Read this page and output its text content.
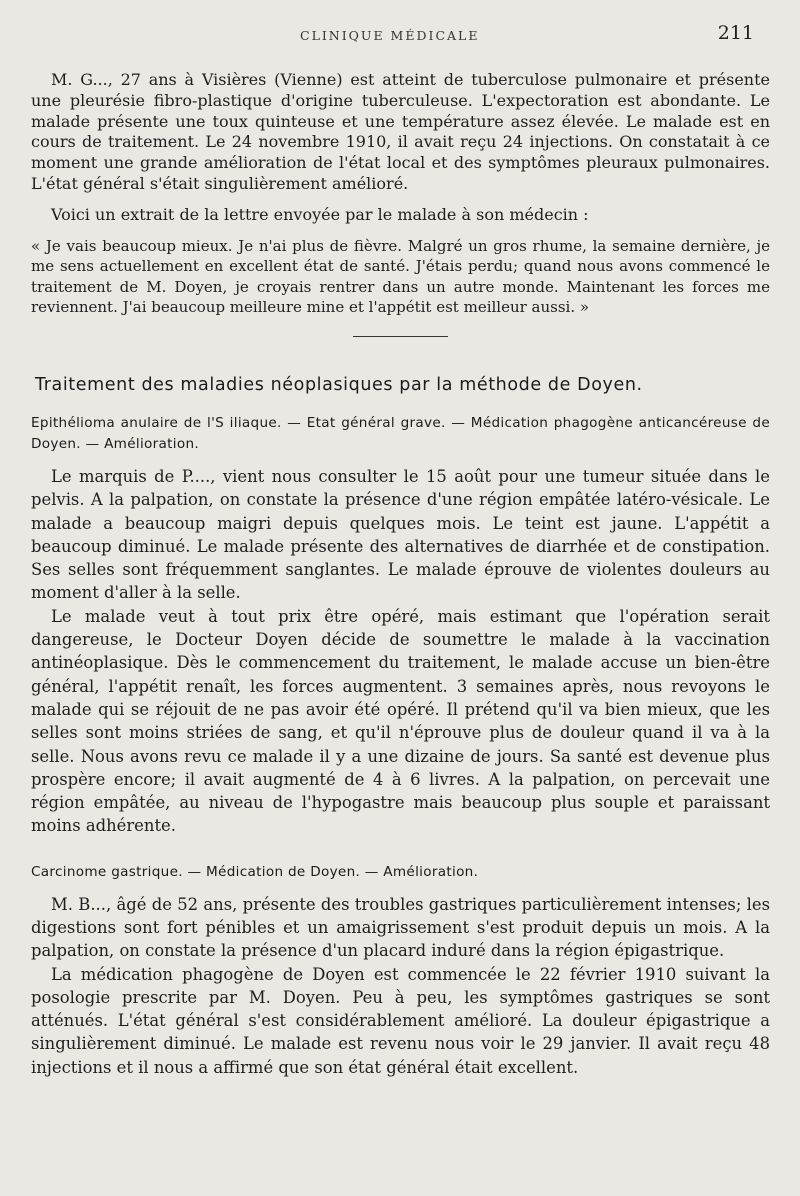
CLINIQUE MÉDICALE	211

M. G..., 27 ans à Visières (Vienne) est atteint de tuberculose pulmonaire et présente une pleurésie fibro-plastique d'origine tuberculeuse. L'expectoration est abondante. Le malade présente une toux quinteuse et une température assez élevée. Le malade est en cours de traitement. Le 24 novembre 1910, il avait reçu 24 injections. On constatait à ce moment une grande amélioration de l'état local et des symptômes pleuraux pulmonaires. L'état général s'était singulièrement amélioré.

Voici un extrait de la lettre envoyée par le malade à son médecin :

« Je vais beaucoup mieux. Je n'ai plus de fièvre. Malgré un gros rhume, la semaine dernière, je me sens actuellement en excellent état de santé. J'étais perdu; quand nous avons commencé le traitement de M. Doyen, je croyais rentrer dans un autre monde. Maintenant les forces me reviennent. J'ai beaucoup meilleure mine et l'appétit est meilleur aussi. »

Traitement des maladies néoplasiques par la méthode de Doyen.
Epithélioma anulaire de l'S iliaque. — Etat général grave. — Médication phagogène anticancéreuse de Doyen. — Amélioration.

Le marquis de P...., vient nous consulter le 15 août pour une tumeur située dans le pelvis. A la palpation, on constate la présence d'une région empâtée latéro-vésicale. Le malade a beaucoup maigri depuis quelques mois. Le teint est jaune. L'appétit a beaucoup diminué. Le malade présente des alternatives de diarrhée et de constipation. Ses selles sont fréquemment sanglantes. Le malade éprouve de violentes douleurs au moment d'aller à la selle.

Le malade veut à tout prix être opéré, mais estimant que l'opération serait dangereuse, le Docteur Doyen décide de soumettre le malade à la vaccination antinéoplasique. Dès le commencement du traitement, le malade accuse un bien-être général, l'appétit renaît, les forces augmentent. 3 semaines après, nous revoyons le malade qui se réjouit de ne pas avoir été opéré. Il prétend qu'il va bien mieux, que les selles sont moins striées de sang, et qu'il n'éprouve plus de douleur quand il va à la selle. Nous avons revu ce malade il y a une dizaine de jours. Sa santé est devenue plus prospère encore; il avait augmenté de 4 à 6 livres. A la palpation, on percevait une région empâtée, au niveau de l'hypogastre mais beaucoup plus souple et paraissant moins adhérente.

Carcinome gastrique. — Médication de Doyen. — Amélioration.

M. B..., âgé de 52 ans, présente des troubles gastriques particulièrement intenses; les digestions sont fort pénibles et un amaigrissement s'est produit depuis un mois. A la palpation, on constate la présence d'un placard induré dans la région épigastrique.

La médication phagogène de Doyen est commencée le 22 février 1910 suivant la posologie prescrite par M. Doyen. Peu à peu, les symptômes gastriques se sont atténués. L'état général s'est considérablement amélioré. La douleur épigastrique a singulièrement diminué. Le malade est revenu nous voir le 29 janvier. Il avait reçu 48 injections et il nous a affirmé que son état général était excellent.
